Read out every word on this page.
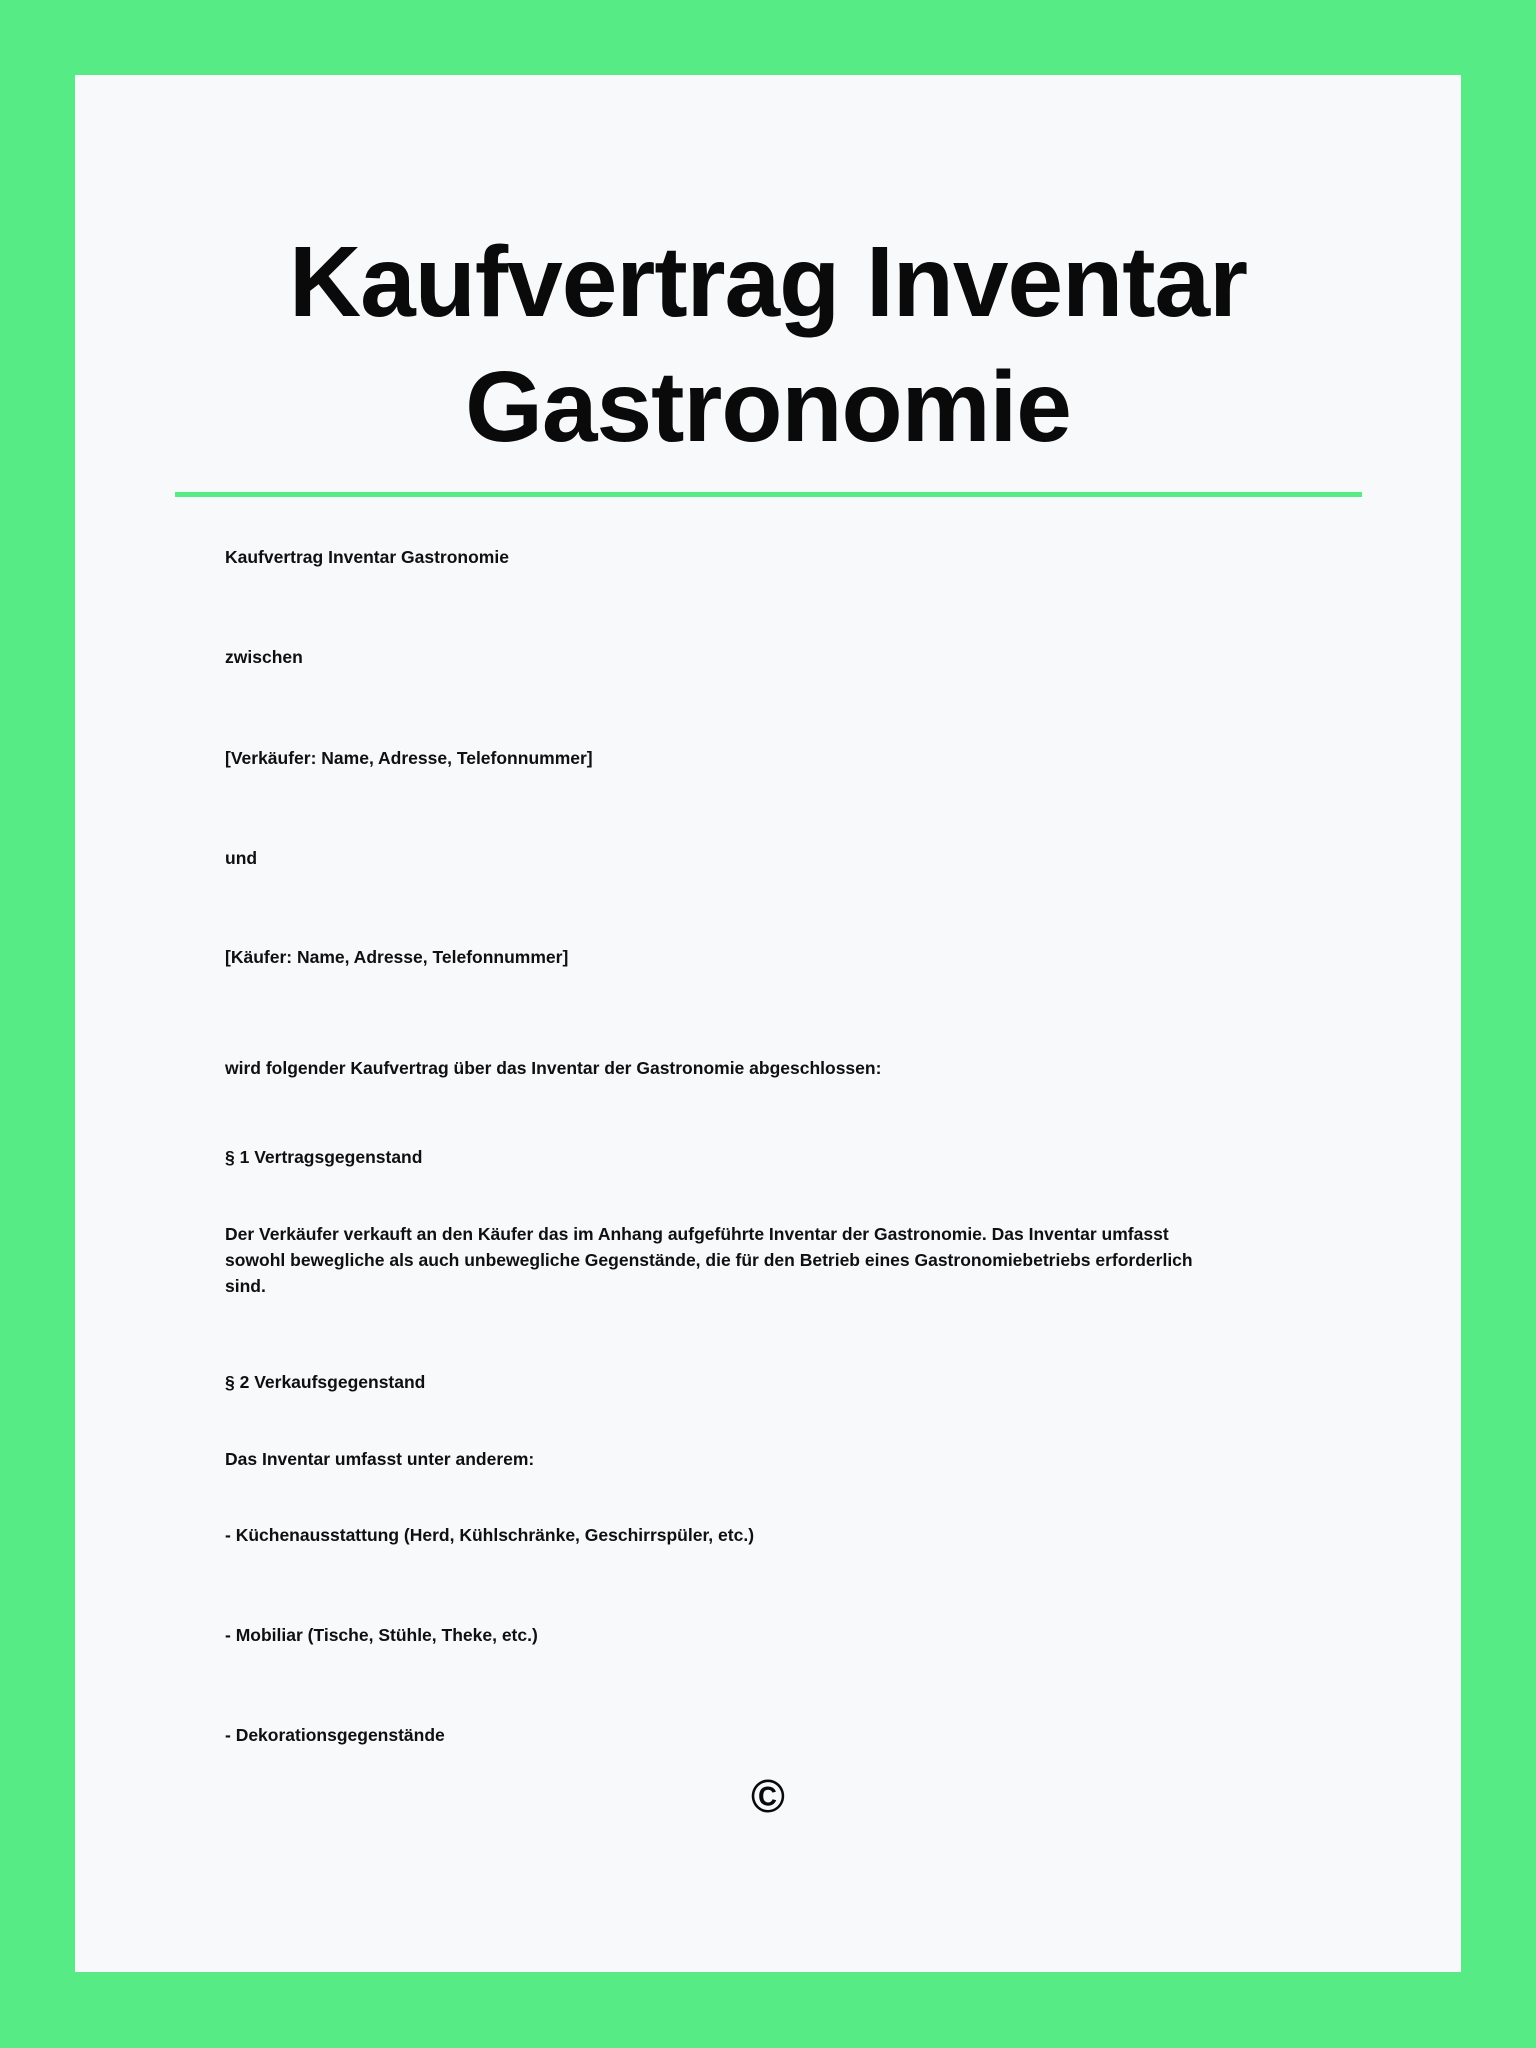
Kaufvertrag Inventar
Gastronomie

Kaufvertrag Inventar Gastronomie

zwischen

[Verkäufer: Name, Adresse, Telefonnummer]

und

[Käufer: Name, Adresse, Telefonnummer]

wird folgender Kaufvertrag über das Inventar der Gastronomie abgeschlossen:

§ 1 Vertragsgegenstand

Der Verkäufer verkauft an den Käufer das im Anhang aufgeführte Inventar der Gastronomie. Das Inventar umfasst
sowohl bewegliche als auch unbewegliche Gegenstände, die für den Betrieb eines Gastronomiebetriebs erforderlich
sind.

§ 2 Verkaufsgegenstand

Das Inventar umfasst unter anderem:

- Küchenausstattung (Herd, Kühlschränke, Geschirrspüler, etc.)

- Mobiliar (Tische, Stühle, Theke, etc.)

- Dekorationsgegenstände

©
